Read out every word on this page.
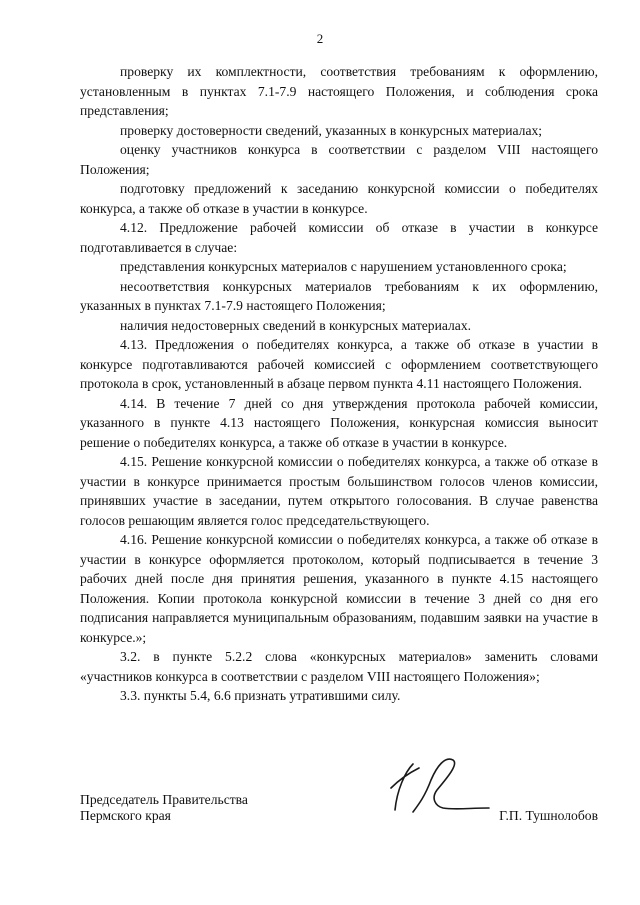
2

проверку их комплектности, соответствия требованиям к оформлению, установленным в пунктах 7.1-7.9 настоящего Положения, и соблюдения срока представления;

проверку достоверности сведений, указанных в конкурсных материалах;

оценку участников конкурса в соответствии с разделом VIII настоящего Положения;

подготовку предложений к заседанию конкурсной комиссии о победителях конкурса, а также об отказе в участии в конкурсе.

4.12. Предложение рабочей комиссии об отказе в участии в конкурсе подготавливается в случае:

представления конкурсных материалов с нарушением установленного срока;

несоответствия конкурсных материалов требованиям к их оформлению, указанных в пунктах 7.1-7.9 настоящего Положения;

наличия недостоверных сведений в конкурсных материалах.

4.13. Предложения о победителях конкурса, а также об отказе в участии в конкурсе подготавливаются рабочей комиссией с оформлением соответствующего протокола в срок, установленный в абзаце первом пункта 4.11 настоящего Положения.

4.14. В течение 7 дней со дня утверждения протокола рабочей комиссии, указанного в пункте 4.13 настоящего Положения, конкурсная комиссия выносит решение о победителях конкурса, а также об отказе в участии в конкурсе.

4.15. Решение конкурсной комиссии о победителях конкурса, а также об отказе в участии в конкурсе принимается простым большинством голосов членов комиссии, принявших участие в заседании, путем открытого голосования. В случае равенства голосов решающим является голос председательствующего.

4.16. Решение конкурсной комиссии о победителях конкурса, а также об отказе в участии в конкурсе оформляется протоколом, который подписывается в течение 3 рабочих дней после дня принятия решения, указанного в пункте 4.15 настоящего Положения. Копии протокола конкурсной комиссии в течение 3 дней со дня его подписания направляется муниципальным образованиям, подавшим заявки на участие в конкурсе.»;

3.2. в пункте 5.2.2 слова «конкурсных материалов» заменить словами «участников конкурса в соответствии с разделом VIII настоящего Положения»;

3.3. пункты 5.4, 6.6 признать утратившими силу.

Председатель Правительства
Пермского края	Г.П. Тушнолобов
